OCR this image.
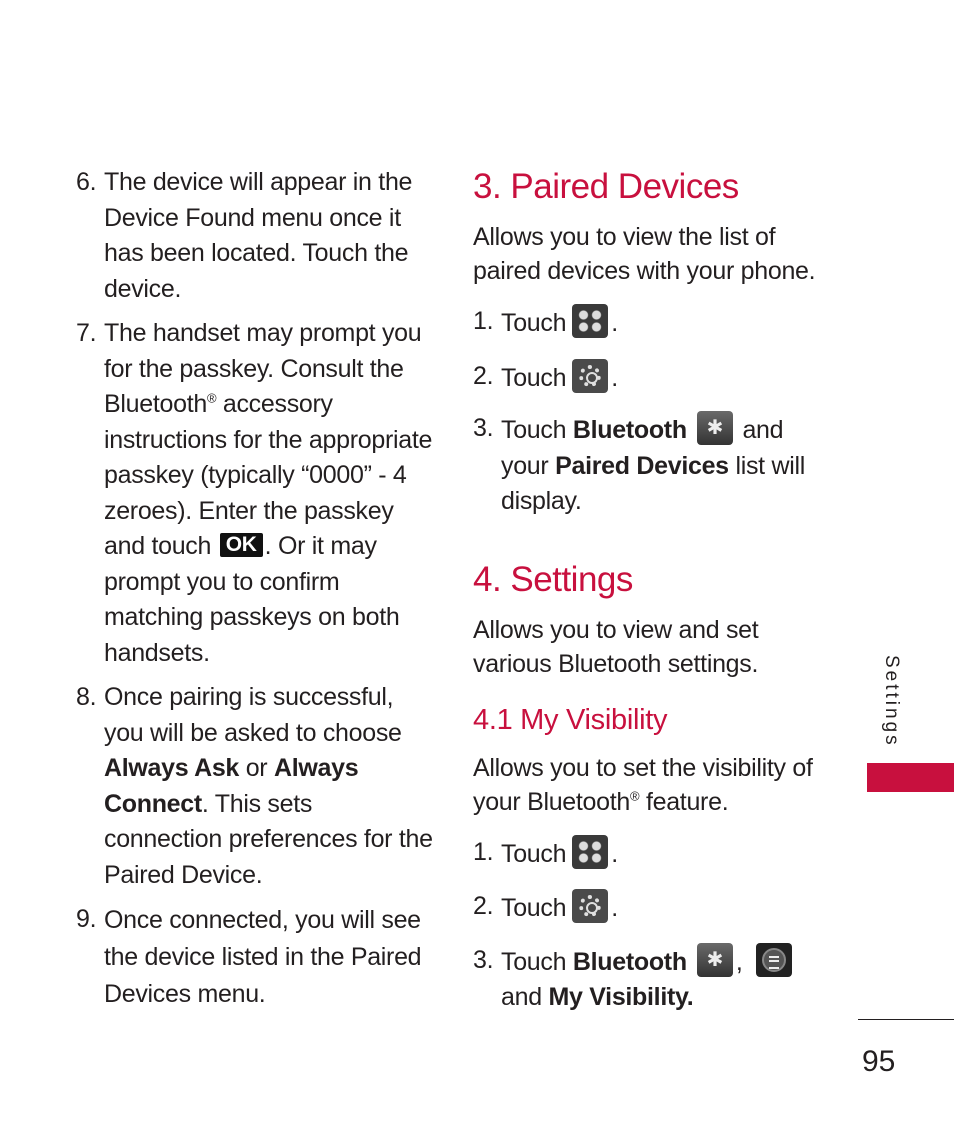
6. The device will appear in the Device Found menu once it has been located. Touch the device.
7. The handset may prompt you for the passkey. Consult the Bluetooth® accessory instructions for the appropriate passkey (typically “0000” - 4 zeroes). Enter the passkey and touch OK . Or it may prompt you to confirm matching passkeys on both handsets.
8. Once pairing is successful, you will be asked to choose Always Ask or Always Connect. This sets connection preferences for the Paired Device.
9. Once connected, you will see the device listed in the Paired Devices menu.
3. Paired Devices
Allows you to view the list of paired devices with your phone.
1. Touch .
2. Touch .
3. Touch Bluetooth ✱ and your Paired Devices list will display.
4. Settings
Allows you to view and set various Bluetooth settings.
4.1 My Visibility
Allows you to set the visibility of your Bluetooth® feature.
1. Touch .
2. Touch .
3. Touch Bluetooth ✱ ,

and My Visibility.
Settings
95
